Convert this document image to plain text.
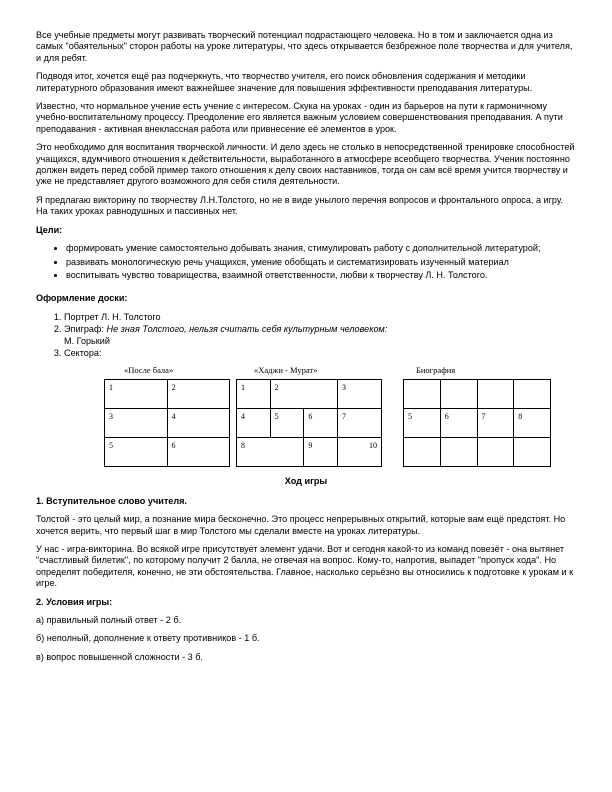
Все учебные предметы могут развивать творческий потенциал подрастающего человека. Но в том и заключается одна из самых "обаятельных" сторон работы на уроке литературы, что здесь открывается безбрежное поле творчества и для учителя, и для ребят.

Подводя итог, хочется ещё раз подчеркнуть, что творчество учителя, его поиск обновления содержания и методики литературного образования имеют важнейшее значение для повышения эффективности преподавания литературы.

Известно, что нормальное учение есть учение с интересом. Скука на уроках - один из барьеров на пути к гармоничному учебно-воспитательному процессу. Преодоление его является важным условием совершенствования преподавания. А пути преподавания - активная внеклассная работа или привнесение её элементов в урок.

Это необходимо для воспитания творческой личности. И дело здесь не столько в непосредственной тренировке способностей учащихся, вдумчивого отношения к действительности, выработанного в атмосфере всеобщего творчества. Ученик постоянно должен видеть перед собой пример такого отношения к делу своих наставников, тогда он сам всё время учится творчеству и уже не представляет другого возможного для себя стиля деятельности.

Я предлагаю викторину по творчеству Л.Н.Толстого, но не в виде унылого перечня вопросов и фронтального опроса, а игру. На таких уроках равнодушных и пассивных нет.

Цели:

• формировать умение самостоятельно добывать знания, стимулировать работу с дополнительной литературой;
• развивать монологическую речь учащихся, умение обобщать и систематизировать изученный материал
• воспитывать чувство товарищества, взаимной ответственности, любви к творчеству Л. Н. Толстого.

Оформление доски:

1. Портрет Л. Н. Толстого
2. Эпиграф: Не зная Толстого, нельзя считать себя культурным человеком:
М. Горький
3. Сектора:
«После бала»	«Хаджи - Мурат»	Биография
1	2
3	4
5	6
1	2		3
4	5	6	7
8		9	10

5	6	7	8

Ход игры

1. Вступительное слово учителя.

Толстой - это целый мир, а познание мира бесконечно. Это процесс непрерывных открытий, которые вам ещё предстоят. Но хочется верить, что первый шаг в мир Толстого мы сделали вместе на уроках литературы.

У нас - игра-викторина. Во всякой игре присутствует элемент удачи. Вот и сегодня какой-то из команд повезёт - она вытянет "счастливый билетик", по которому получит 2 балла, не отвечая на вопрос. Кому-то, напротив, выпадет "пропуск хода". Но определят победителя, конечно, не эти обстоятельства. Главное, насколько серьёзно вы относились к подготовке к урокам и к игре.

2. Условия игры:

а) правильный полный ответ - 2 б.

б) неполный, дополнение к ответу противников - 1 б.

в) вопрос повышенной сложности - 3 б.
